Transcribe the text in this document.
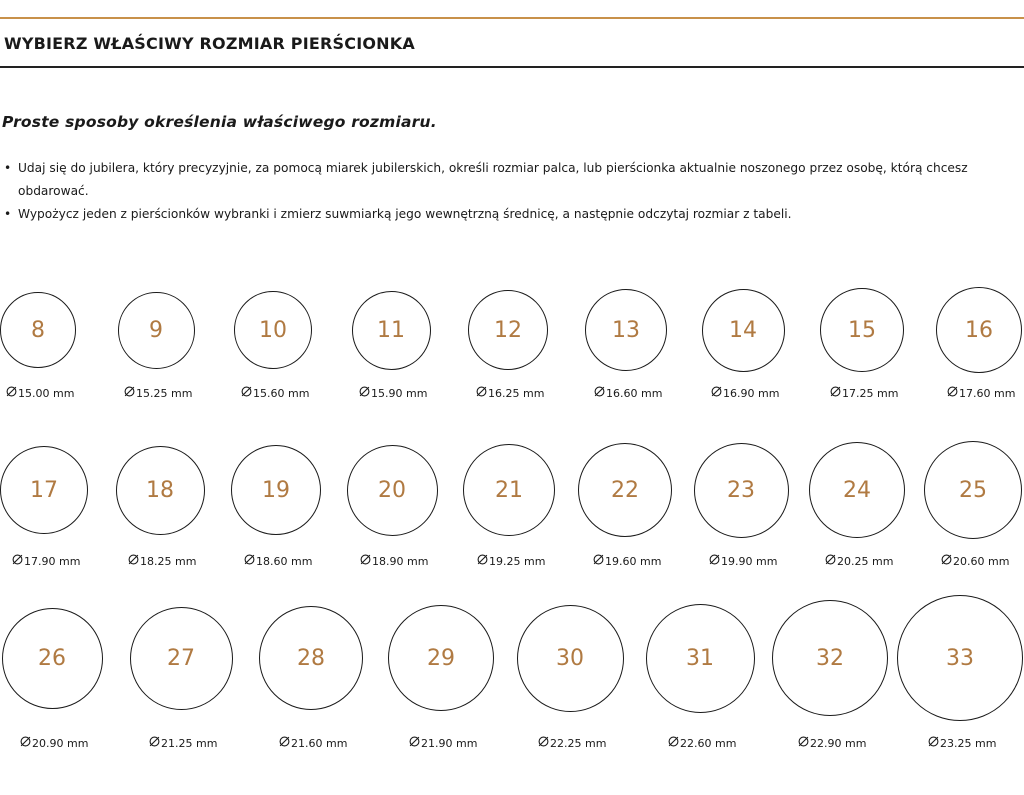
WYBIERZ WŁAŚCIWY ROZMIAR PIERŚCIONKA
Proste sposoby określenia właściwego rozmiaru.
• Udaj się do jubilera, który precyzyjnie, za pomocą miarek jubilerskich, określi rozmiar palca, lub pierścionka aktualnie noszonego przez osobę, którą chcesz obdarować.
• Wypożycz jeden z pierścionków wybranki i zmierz suwmiarką jego wewnętrzną średnicę, a następnie odczytaj rozmiar z tabeli.
8
15.00 mm
9
15.25 mm
10
15.60 mm
11
15.90 mm
12
16.25 mm
13
16.60 mm
14
16.90 mm
15
17.25 mm
16
17.60 mm
17
17.90 mm
18
18.25 mm
19
18.60 mm
20
18.90 mm
21
19.25 mm
22
19.60 mm
23
19.90 mm
24
20.25 mm
25
20.60 mm
26
20.90 mm
27
21.25 mm
28
21.60 mm
29
21.90 mm
30
22.25 mm
31
22.60 mm
32
22.90 mm
33
23.25 mm
